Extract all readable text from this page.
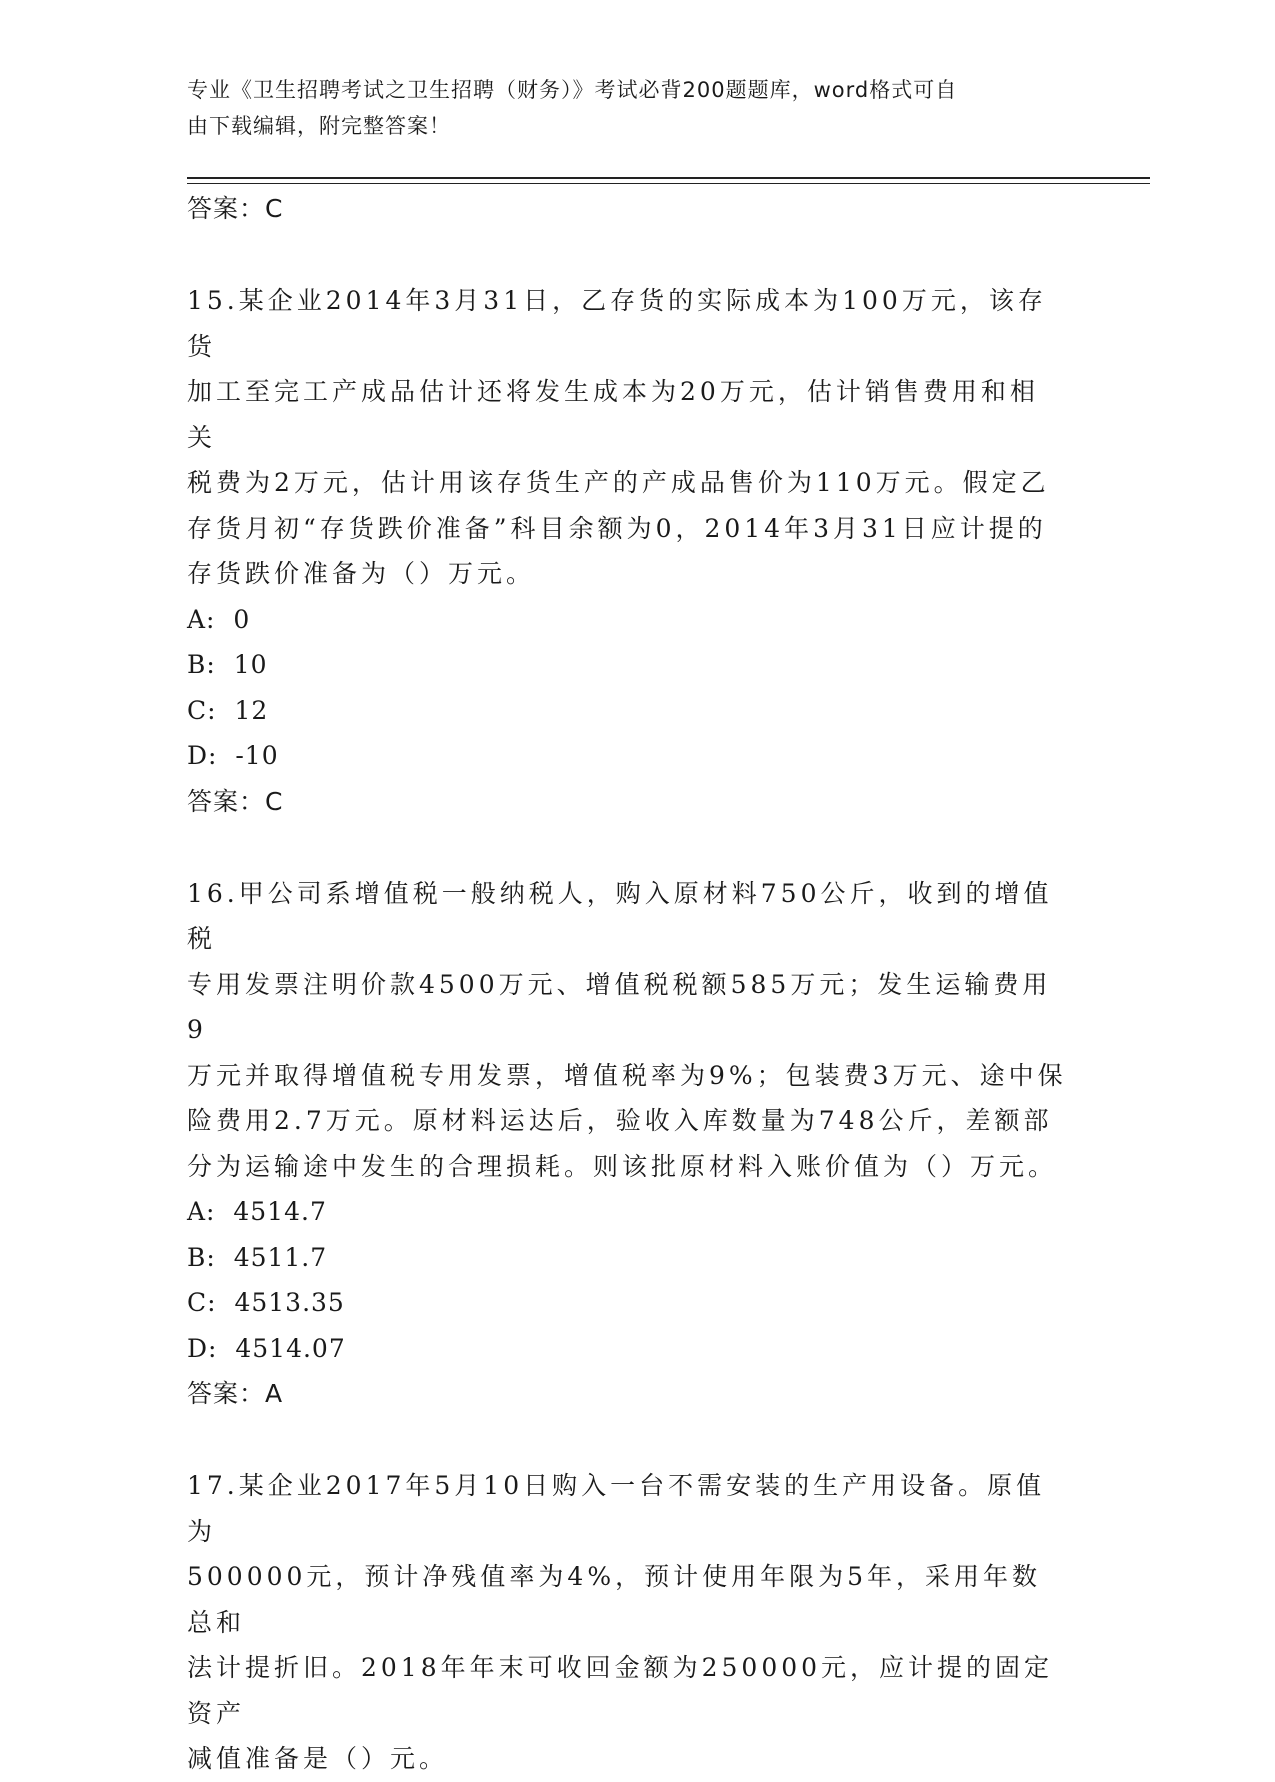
专业《卫生招聘考试之卫生招聘（财务）》考试必背200题题库，word格式可自
由下载编辑，附完整答案！
答案：C
15.某企业2014年3月31日，乙存货的实际成本为100万元，该存货
加工至完工产成品估计还将发生成本为20万元，估计销售费用和相关
税费为2万元，估计用该存货生产的产成品售价为110万元。假定乙
存货月初“存货跌价准备”科目余额为0，2014年3月31日应计提的
存货跌价准备为（）万元。
A:  0
B:  10
C:  12
D:  -10
答案：C
16.甲公司系增值税一般纳税人，购入原材料750公斤，收到的增值税
专用发票注明价款4500万元、增值税税额585万元；发生运输费用9
万元并取得增值税专用发票，增值税率为9%；包装费3万元、途中保
险费用2.7万元。原材料运达后，验收入库数量为748公斤，差额部
分为运输途中发生的合理损耗。则该批原材料入账价值为（）万元。
A:  4514.7
B:  4511.7
C:  4513.35
D:  4514.07
答案：A
17.某企业2017年5月10日购入一台不需安装的生产用设备。原值为
500000元，预计净残值率为4%，预计使用年限为5年，采用年数总和
法计提折旧。2018年年末可收回金额为250000元，应计提的固定资产
减值准备是（）元。
